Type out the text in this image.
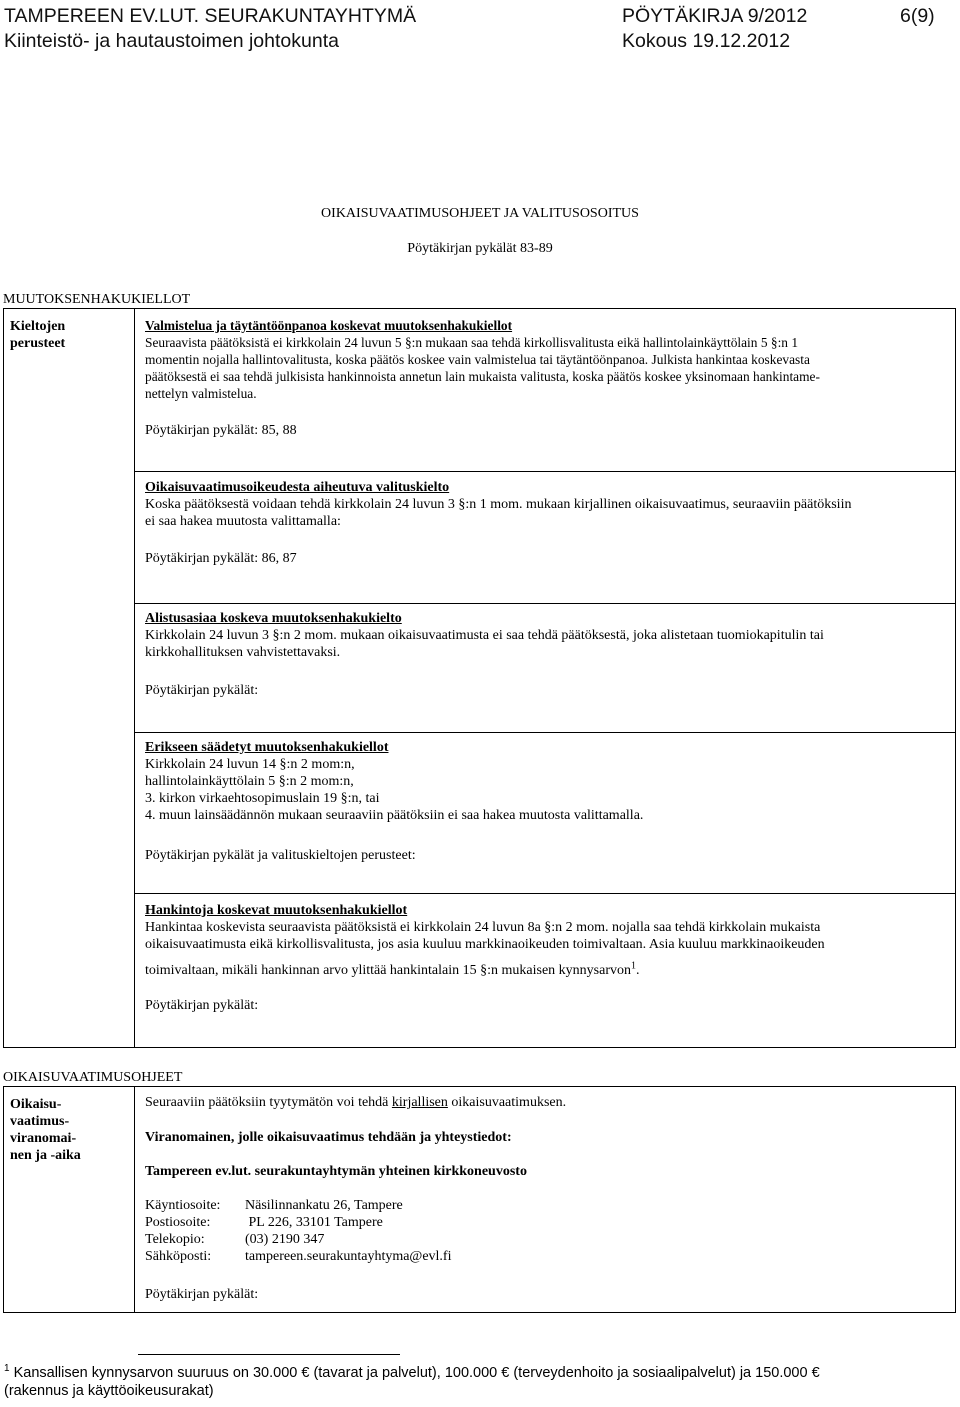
TAMPEREEN EV.LUT. SEURAKUNTAYHTYMÄ
Kiinteistö- ja hautaustoimen johtokunta
PÖYTÄKIRJA 9/2012
Kokous 19.12.2012
6(9)
OIKAISUVAATIMUSOHJEET JA VALITUSOSOITUS
Pöytäkirjan pykälät 83-89
MUUTOKSENHAKUKIELLOT
Kieltojen
perusteet
Valmistelua ja täytäntöönpanoa koskevat muutoksenhakukiellot
Seuraavista päätöksistä ei kirkkolain 24 luvun 5 §:n mukaan saa tehdä kirkollisvalitusta eikä hallintolainkäyttölain 5 §:n 1
momentin nojalla hallintovalitusta, koska päätös koskee vain valmistelua tai täytäntöönpanoa. Julkista hankintaa koskevasta
päätöksestä ei saa tehdä julkisista hankinnoista annetun lain mukaista valitusta, koska päätös koskee yksinomaan hankintame-
nettelyn valmistelua.
Pöytäkirjan pykälät: 85, 88
Oikaisuvaatimusoikeudesta aiheutuva valituskielto
Koska päätöksestä voidaan tehdä kirkkolain 24 luvun 3 §:n 1 mom. mukaan kirjallinen oikaisuvaatimus, seuraaviin päätöksiin
ei saa hakea muutosta valittamalla:
Pöytäkirjan pykälät: 86, 87
Alistusasiaa koskeva muutoksenhakukielto
Kirkkolain 24 luvun 3 §:n 2 mom. mukaan oikaisuvaatimusta ei saa tehdä päätöksestä, joka alistetaan tuomiokapitulin tai
kirkkohallituksen vahvistettavaksi.
Pöytäkirjan pykälät:
Erikseen säädetyt muutoksenhakukiellot
Kirkkolain 24 luvun 14 §:n 2 mom:n,
hallintolainkäyttölain 5 §:n 2 mom:n,
3. kirkon virkaehtosopimuslain 19 §:n, tai
4. muun lainsäädännön mukaan seuraaviin päätöksiin ei saa hakea muutosta valittamalla.
Pöytäkirjan pykälät ja valituskieltojen perusteet:
Hankintoja koskevat muutoksenhakukiellot
Hankintaa koskevista seuraavista päätöksistä ei kirkkolain 24 luvun 8a §:n 2 mom. nojalla saa tehdä kirkkolain mukaista
oikaisuvaatimusta eikä kirkollisvalitusta, jos asia kuuluu markkinaoikeuden toimivaltaan. Asia kuuluu markkinaoikeuden
toimivaltaan, mikäli hankinnan arvo ylittää hankintalain 15 §:n mukaisen kynnysarvon$^1$.
Pöytäkirjan pykälät:
OIKAISUVAATIMUSOHJEET
Oikaisu-
vaatimus-
viranomai-
nen ja -aika
Seuraaviin päätöksiin tyytymätön voi tehdä kirjallisen oikaisuvaatimuksen.
Viranomainen, jolle oikaisuvaatimus tehdään ja yhteystiedot:
Tampereen ev.lut. seurakuntayhtymän yhteinen kirkkoneuvosto
Käyntiosoite:	Näsilinnankatu 26, Tampere
Postiosoite:	PL 226, 33101 Tampere
Telekopio:	(03) 2190 347
Sähköposti:	tampereen.seurakuntayhtyma@evl.fi
Pöytäkirjan pykälät:
$^1$ Kansallisen kynnysarvon suuruus on 30.000 € (tavarat ja palvelut), 100.000 € (terveydenhoito ja sosiaalipalvelut) ja 150.000 €
(rakennus ja käyttöoikeusurakat)
